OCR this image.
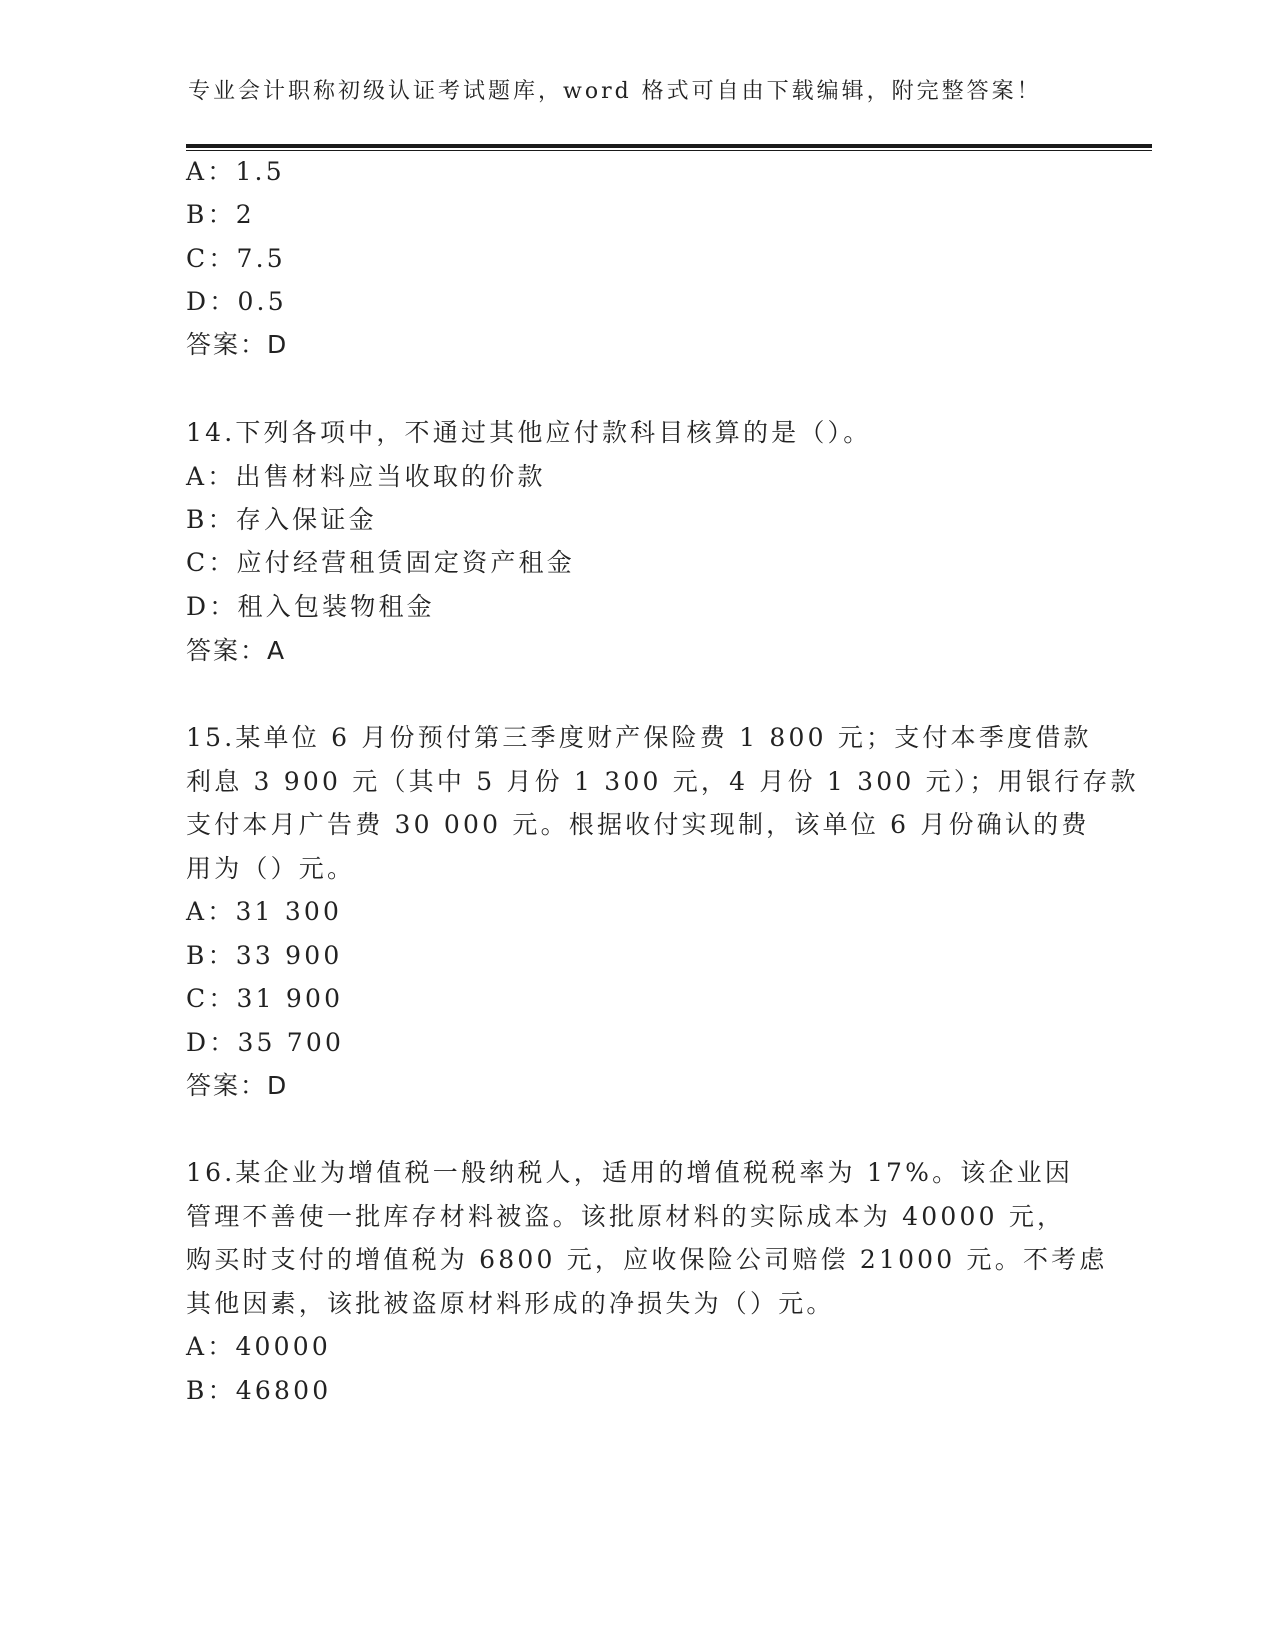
专业会计职称初级认证考试题库，word 格式可自由下载编辑，附完整答案！
A：1.5
B：2
C：7.5
D：0.5
答案：D
14.下列各项中，不通过其他应付款科目核算的是（）。
A：出售材料应当收取的价款
B：存入保证金
C：应付经营租赁固定资产租金
D：租入包装物租金
答案：A
15.某单位 6 月份预付第三季度财产保险费 1 800 元；支付本季度借款
利息 3 900 元（其中 5 月份 1 300 元，4 月份 1 300 元）；用银行存款
支付本月广告费 30 000 元。根据收付实现制，该单位 6 月份确认的费
用为（）元。
A：31 300
B：33 900
C：31 900
D：35 700
答案：D
16.某企业为增值税一般纳税人，适用的增值税税率为 17%。该企业因
管理不善使一批库存材料被盗。该批原材料的实际成本为 40000 元，
购买时支付的增值税为 6800 元，应收保险公司赔偿 21000 元。不考虑
其他因素，该批被盗原材料形成的净损失为（）元。
A：40000
B：46800
